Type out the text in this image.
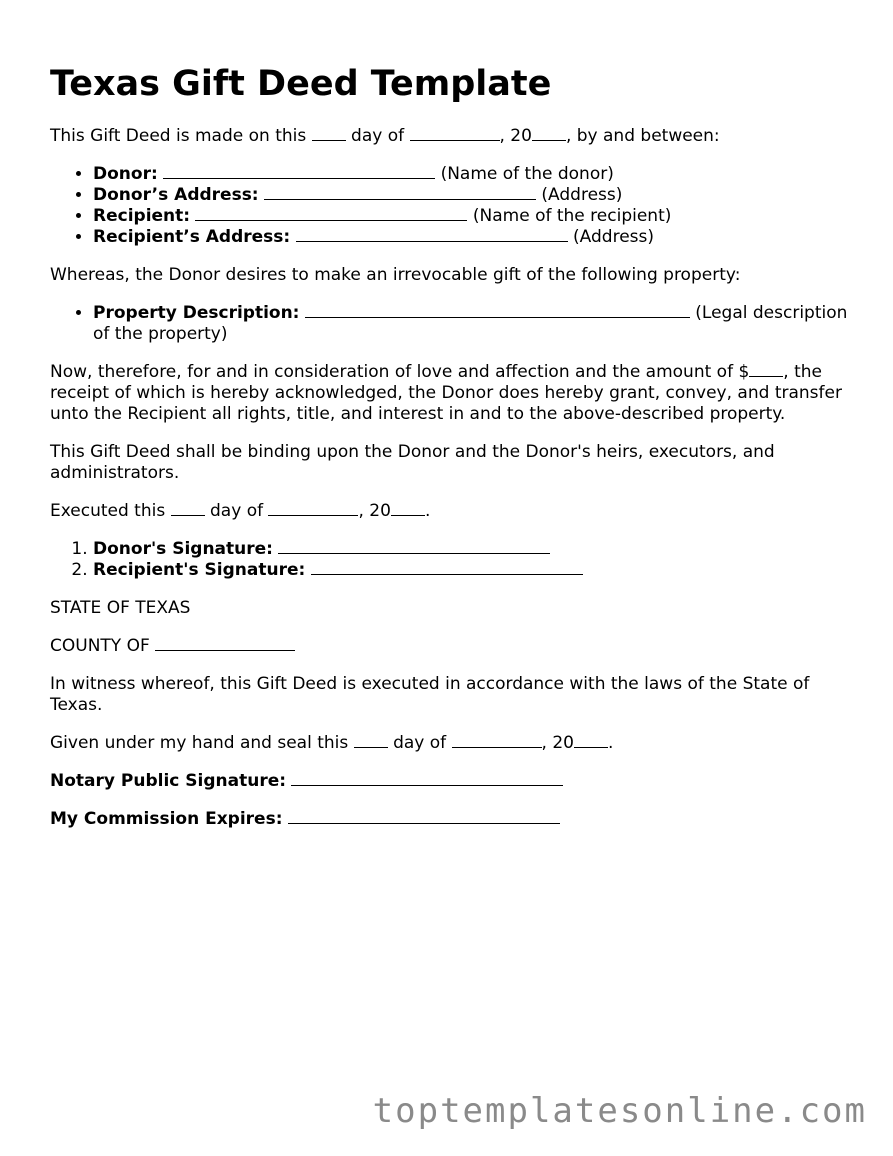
Texas Gift Deed Template

This Gift Deed is made on this	day of	, 20 , by and between:

• Donor:	(Name of the donor)
• Donor’s Address:	(Address)
• Recipient:	(Name of the recipient)
• Recipient’s Address:	(Address)

Whereas, the Donor desires to make an irrevocable gift of the following property:

• Property Description:	(Legal description of the property)

Now, therefore, for and in consideration of love and affection and the amount of $ , the receipt of which is hereby acknowledged, the Donor does hereby grant, convey, and transfer unto the Recipient all rights, title, and interest in and to the above-described property.

This Gift Deed shall be binding upon the Donor and the Donor's heirs, executors, and administrators.

Executed this	day of	, 20 .

1. Donor's Signature:
2. Recipient's Signature:

STATE OF TEXAS

COUNTY OF

In witness whereof, this Gift Deed is executed in accordance with the laws of the State of Texas.

Given under my hand and seal this	day of	, 20 .

Notary Public Signature:

My Commission Expires:

toptemplatesonline.com
